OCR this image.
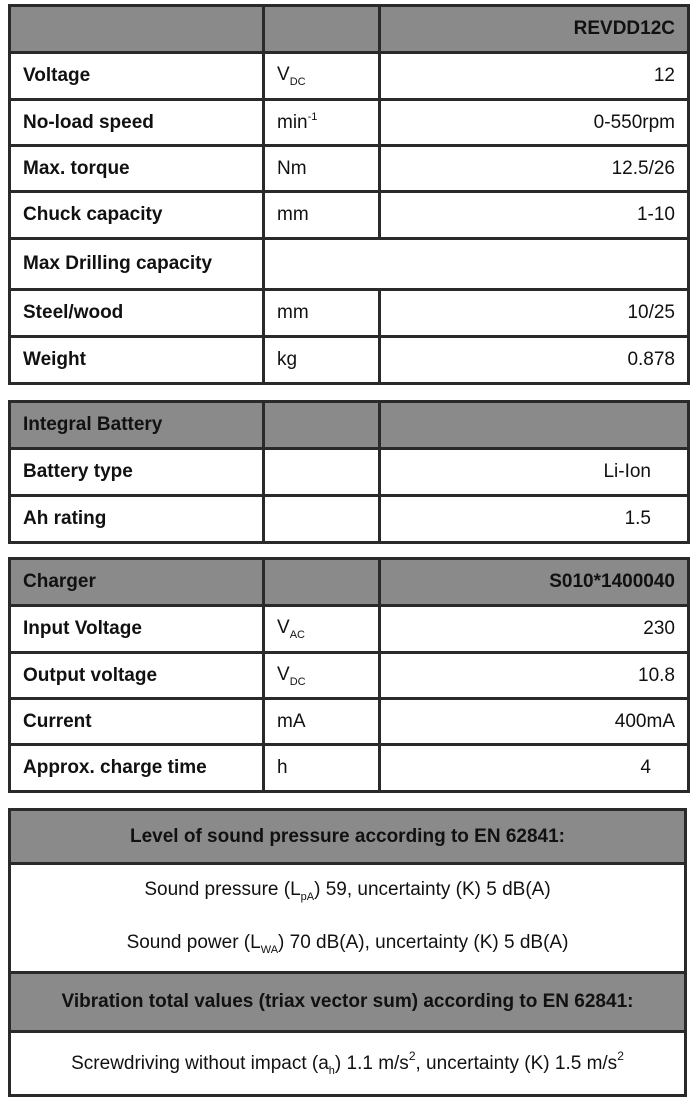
		REVDD12C
Voltage	$V_{DC}$	12
No-load speed	$\min^{-1}$	0-550rpm
Max. torque	Nm	12.5/26
Chuck capacity	mm	1-10
Max Drilling capacity		
Steel/wood	mm	10/25
Weight	kg	0.878
Integral Battery		
Battery type		Li-Ion
Ah rating		1.5
Charger		S010*1400040
Input Voltage	$V_{AC}$	230
Output voltage	$V_{DC}$	10.8
Current	mA	400mA
Approx. charge time	h	4
Level of sound pressure according to EN 62841:

Sound pressure $(L_{pA})$ 59, uncertainty (K) 5 dB(A)
Sound power $(L_{WA})$ 70 dB(A), uncertainty (K) 5 dB(A)
Vibration total values (triax vector sum) according to EN 62841:
Screwdriving without impact $(a_h)$ 1.1 $m/s^2$, uncertainty (K) 1.5 $m/s^2$
